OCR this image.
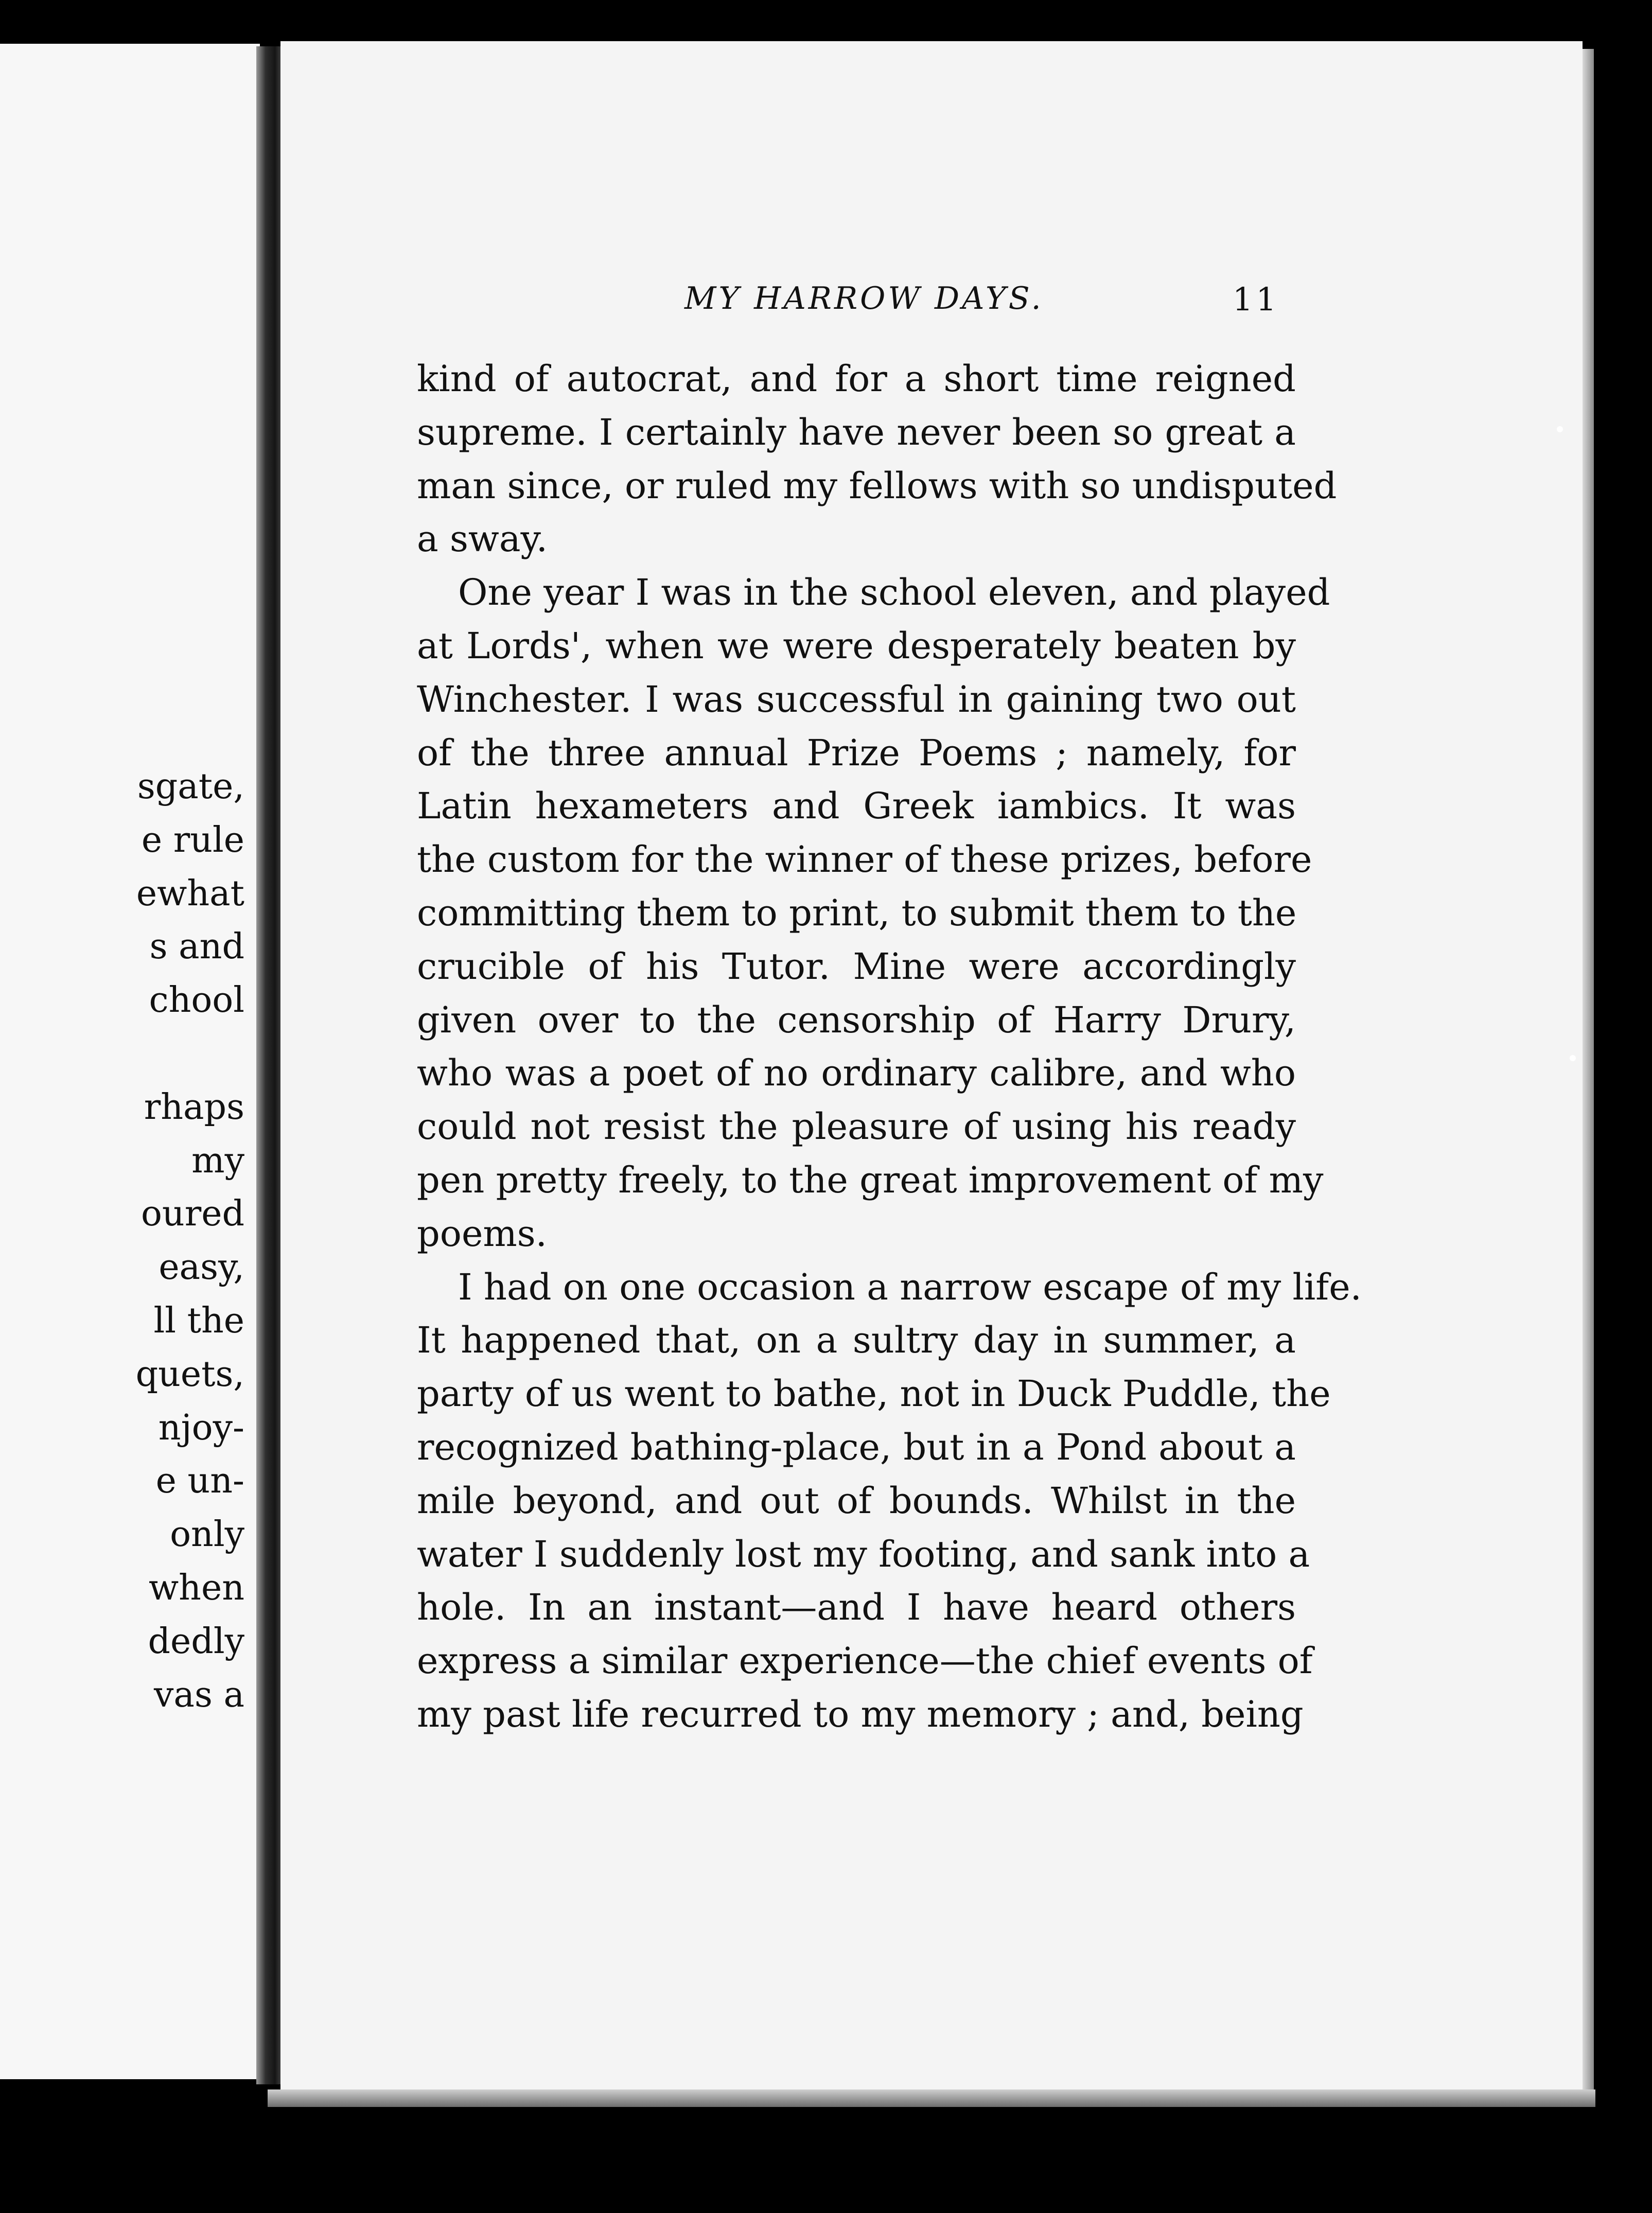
sgate,
e rule
ewhat
s and
chool
rhaps
my
oured
easy,
ll the
quets,
njoy-
e un-
only
when
dedly
vas a
MY HARROW DAYS.	11
kind of autocrat, and for a short time reigned
supreme. I certainly have never been so great a
man since, or ruled my fellows with so undisputed
a sway.
One year I was in the school eleven, and played
at Lords', when we were desperately beaten by
Winchester. I was successful in gaining two out
of the three annual Prize Poems ; namely, for
Latin hexameters and Greek iambics. It was
the custom for the winner of these prizes, before
committing them to print, to submit them to the
crucible of his Tutor. Mine were accordingly
given over to the censorship of Harry Drury,
who was a poet of no ordinary calibre, and who
could not resist the pleasure of using his ready
pen pretty freely, to the great improvement of my
poems.
I had on one occasion a narrow escape of my life.
It happened that, on a sultry day in summer, a
party of us went to bathe, not in Duck Puddle, the
recognized bathing-place, but in a Pond about a
mile beyond, and out of bounds. Whilst in the
water I suddenly lost my footing, and sank into a
hole. In an instant—and I have heard others
express a similar experience—the chief events of
my past life recurred to my memory ; and, being
